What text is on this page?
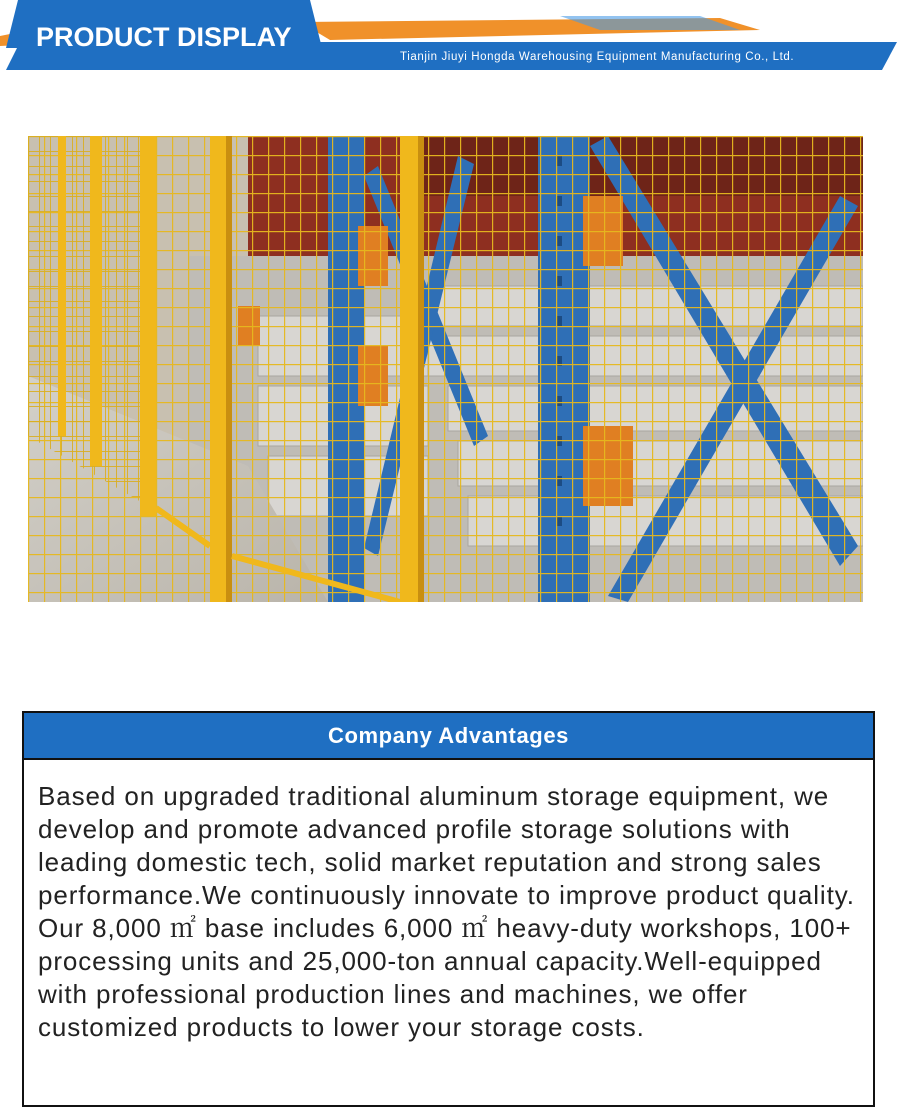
PRODUCT DISPLAY
Tianjin Jiuyi Hongda Warehousing Equipment Manufacturing Co., Ltd.
Company Advantages
Based on upgraded traditional aluminum storage equipment, we develop and promote advanced profile storage solutions with leading domestic tech, solid market reputation and strong sales performance.We continuously innovate to improve product quality. Our 8,000 ㎡ base includes 6,000 ㎡ heavy-duty workshops, 100+ processing units and 25,000-ton annual capacity.Well-equipped with professional production lines and machines, we offer customized products to lower your storage costs.
